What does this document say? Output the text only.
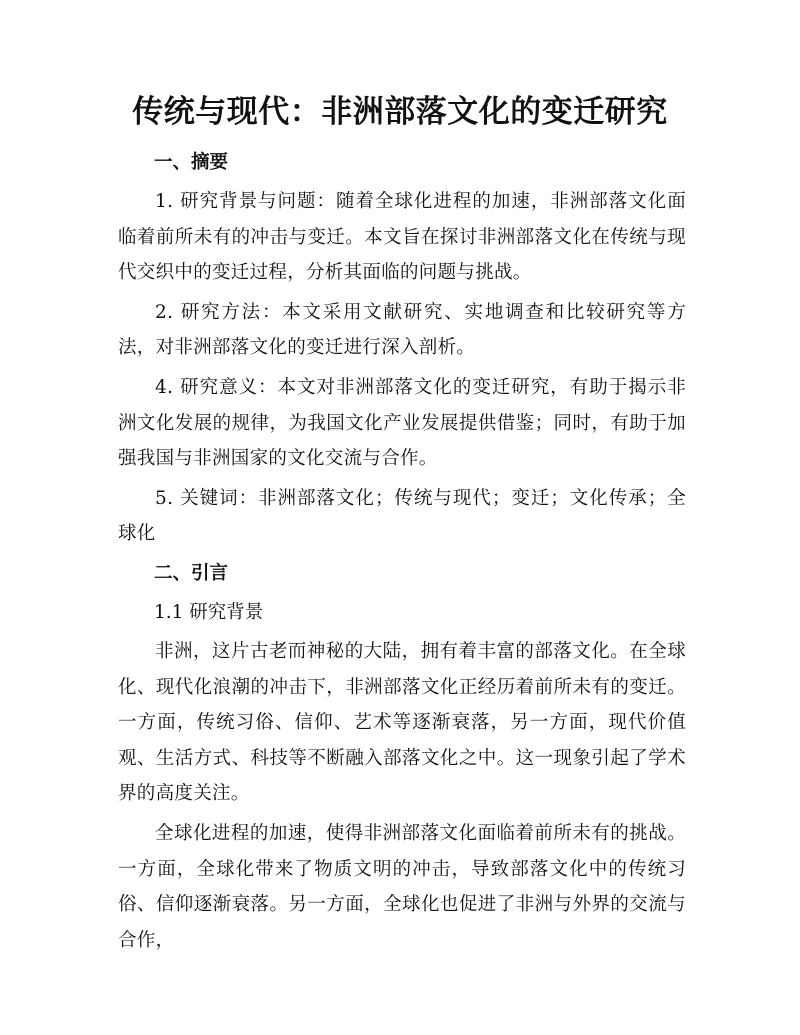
传统与现代：非洲部落文化的变迁研究

一、摘要

1. 研究背景与问题：随着全球化进程的加速，非洲部落文化面临着前所未有的冲击与变迁。本文旨在探讨非洲部落文化在传统与现代交织中的变迁过程，分析其面临的问题与挑战。

2. 研究方法：本文采用文献研究、实地调查和比较研究等方法，对非洲部落文化的变迁进行深入剖析。

4. 研究意义：本文对非洲部落文化的变迁研究，有助于揭示非洲文化发展的规律，为我国文化产业发展提供借鉴；同时，有助于加强我国与非洲国家的文化交流与合作。

5. 关键词：非洲部落文化；传统与现代；变迁；文化传承；全球化

二、引言

1.1 研究背景

非洲，这片古老而神秘的大陆，拥有着丰富的部落文化。在全球化、现代化浪潮的冲击下，非洲部落文化正经历着前所未有的变迁。一方面，传统习俗、信仰、艺术等逐渐衰落，另一方面，现代价值观、生活方式、科技等不断融入部落文化之中。这一现象引起了学术界的高度关注。

全球化进程的加速，使得非洲部落文化面临着前所未有的挑战。一方面，全球化带来了物质文明的冲击，导致部落文化中的传统习俗、信仰逐渐衰落。另一方面，全球化也促进了非洲与外界的交流与合作，
